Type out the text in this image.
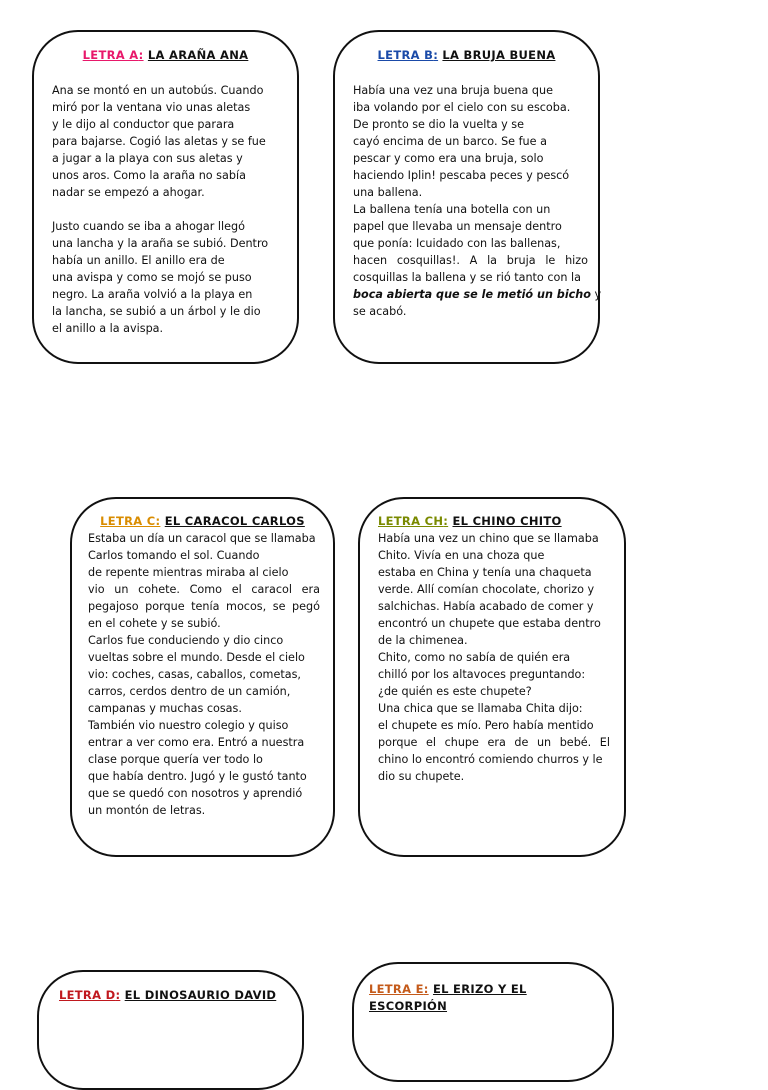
LETRA A: LA ARAÑA ANA
Ana se montó en un autobús. Cuando
miró por la ventana vio unas aletas
y le dijo al conductor que parara
para bajarse. Cogió las aletas y se fue
a jugar a la playa con sus aletas y
unos aros. Como la araña no sabía
nadar se empezó a ahogar.
Justo cuando se iba a ahogar llegó
una lancha y la araña se subió. Dentro
había un anillo. El anillo era de
una avispa y como se mojó se puso
negro. La araña volvió a la playa en
la lancha, se subió a un árbol y le dio
el anillo a la avispa.
LETRA B: LA BRUJA BUENA
Había una vez una bruja buena que
iba volando por el cielo con su escoba.
De pronto se dio la vuelta y se
cayó encima de un barco. Se fue a
pescar y como era una bruja, solo
haciendo Iplin! pescaba peces y pescó
una ballena.
La ballena tenía una botella con un
papel que llevaba un mensaje dentro
que ponía: Icuidado con las ballenas,
hacen cosquillas!. A la bruja le hizo
cosquillas la ballena y se rió tanto con la
boca abierta que se le metió un bicho y
se acabó.
LETRA C: EL CARACOL CARLOS
Estaba un día un caracol que se llamaba
Carlos tomando el sol. Cuando
de repente mientras miraba al cielo
vio un cohete. Como el caracol era
pegajoso porque tenía mocos, se pegó
en el cohete y se subió.
Carlos fue conduciendo y dio cinco
vueltas sobre el mundo. Desde el cielo
vio: coches, casas, caballos, cometas,
carros, cerdos dentro de un camión,
campanas y muchas cosas.
También vio nuestro colegio y quiso
entrar a ver como era. Entró a nuestra
clase porque quería ver todo lo
que había dentro. Jugó y le gustó tanto
que se quedó con nosotros y aprendió
un montón de letras.
LETRA CH: EL CHINO CHITO
Había una vez un chino que se llamaba
Chito. Vivía en una choza que
estaba en China y tenía una chaqueta
verde. Allí comían chocolate, chorizo y
salchichas. Había acabado de comer y
encontró un chupete que estaba dentro
de la chimenea.
Chito, como no sabía de quién era
chilló por los altavoces preguntando:
¿de quién es este chupete?
Una chica que se llamaba Chita dijo:
el chupete es mío. Pero había mentido
porque el chupe era de un bebé. El
chino lo encontró comiendo churros y le
dio su chupete.
LETRA D: EL DINOSAURIO DAVID	LETRA E: EL ERIZO Y EL
ESCORPIÓN
